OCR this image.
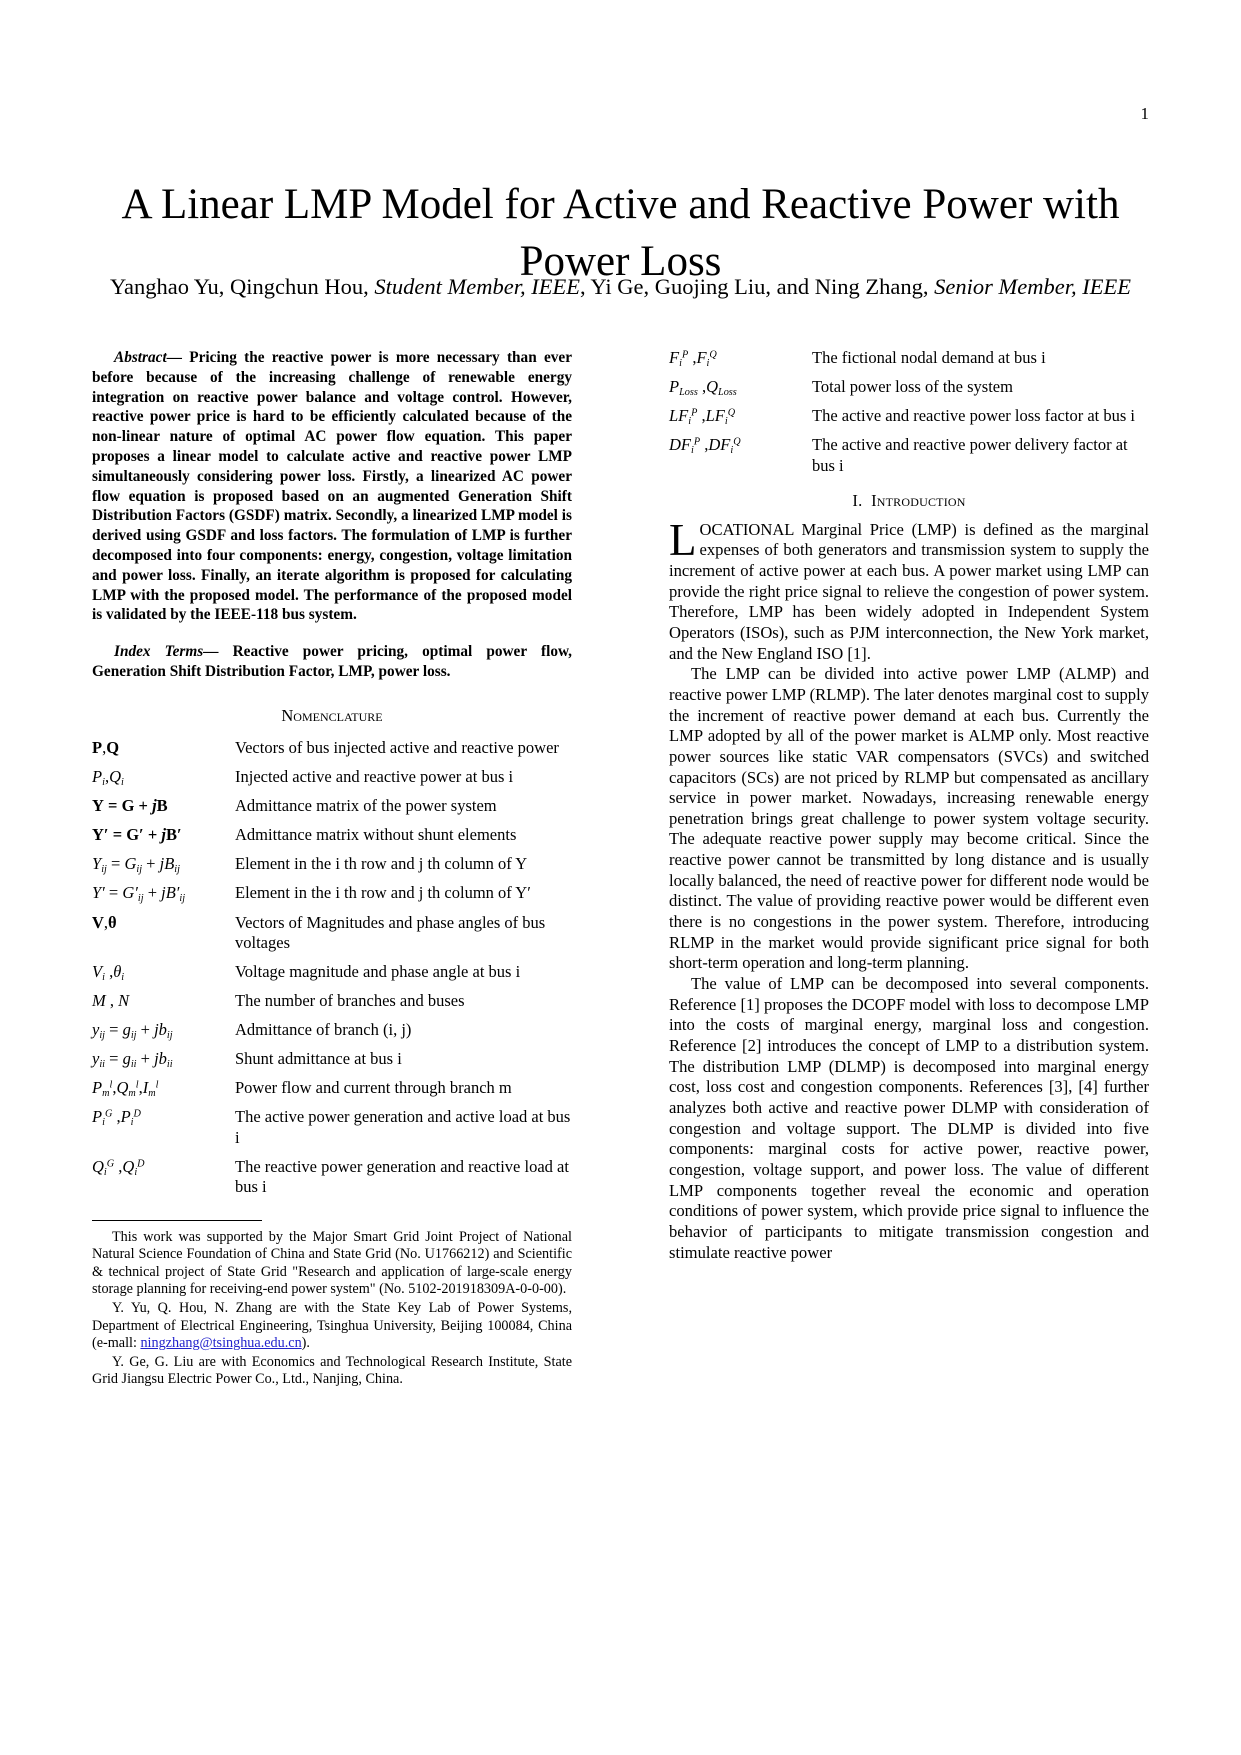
1
A Linear LMP Model for Active and Reactive Power with Power Loss
Yanghao Yu, Qingchun Hou, Student Member, IEEE, Yi Ge, Guojing Liu, and Ning Zhang, Senior Member, IEEE

Abstract— Pricing the reactive power is more necessary than ever before because of the increasing challenge of renewable energy integration on reactive power balance and voltage control. However, reactive power price is hard to be efficiently calculated because of the non-linear nature of optimal AC power flow equation. This paper proposes a linear model to calculate active and reactive power LMP simultaneously considering power loss. Firstly, a linearized AC power flow equation is proposed based on an augmented Generation Shift Distribution Factors (GSDF) matrix. Secondly, a linearized LMP model is derived using GSDF and loss factors. The formulation of LMP is further decomposed into four components: energy, congestion, voltage limitation and power loss. Finally, an iterate algorithm is proposed for calculating LMP with the proposed model. The performance of the proposed model is validated by the IEEE-118 bus system.

Index Terms— Reactive power pricing, optimal power flow, Generation Shift Distribution Factor, LMP, power loss.

Nomenclature
P,Q	Vectors of bus injected active and reactive power
$P_i,Q_i$	Injected active and reactive power at bus i
Y = G + jB	Admittance matrix of the power system
Y′ = G′ + jB′	Admittance matrix without shunt elements
$Y_{ij} = G_{ij} + jB_{ij}$	Element in the i th row and j th column of Y
$Y' = G'_{ij} + jB'_{ij}$	Element in the i th row and j th column of Y′
V,θ	Vectors of Magnitudes and phase angles of bus voltages
$V_i$ $,\theta_i$	Voltage magnitude and phase angle at bus i
M , N	The number of branches and buses
$y_{ij} = g_{ij} + jb_{ij}$	Admittance of branch (i, j)
$y_{ii} = g_{ii} + jb_{ii}$	Shunt admittance at bus i
$P_m^l,Q_m^l,I_m^l$	Power flow and current through branch m
$P_i^G$ $,P_i^D$	The active power generation and active load at bus i
$Q_i^G$ $,Q_i^D$	The reactive power generation and reactive load at bus i

This work was supported by the Major Smart Grid Joint Project of National Natural Science Foundation of China and State Grid (No. U1766212) and Scientific & technical project of State Grid "Research and application of large-scale energy storage planning for receiving-end power system" (No. 5102-201918309A-0-0-00).

Y. Yu, Q. Hou, N. Zhang are with the State Key Lab of Power Systems, Department of Electrical Engineering, Tsinghua University, Beijing 100084, China (e-mall: ningzhang@tsinghua.edu.cn).

Y. Ge, G. Liu are with Economics and Technological Research Institute, State Grid Jiangsu Electric Power Co., Ltd., Nanjing, China.

$F_i^P$ $,F_i^Q$	The fictional nodal demand at bus i
$P_{Loss}$ $,Q_{Loss}$	Total power loss of the system
$LF_i^P$ $,LF_i^Q$	The active and reactive power loss factor at bus i
$DF_i^P$ $,DF_i^Q$	The active and reactive power delivery factor at bus i
I. Introduction

LOCATIONAL Marginal Price (LMP) is defined as the marginal expenses of both generators and transmission system to supply the increment of active power at each bus. A power market using LMP can provide the right price signal to relieve the congestion of power system. Therefore, LMP has been widely adopted in Independent System Operators (ISOs), such as PJM interconnection, the New York market, and the New England ISO [1].

The LMP can be divided into active power LMP (ALMP) and reactive power LMP (RLMP). The later denotes marginal cost to supply the increment of reactive power demand at each bus. Currently the LMP adopted by all of the power market is ALMP only. Most reactive power sources like static VAR compensators (SVCs) and switched capacitors (SCs) are not priced by RLMP but compensated as ancillary service in power market. Nowadays, increasing renewable energy penetration brings great challenge to power system voltage security. The adequate reactive power supply may become critical. Since the reactive power cannot be transmitted by long distance and is usually locally balanced, the need of reactive power for different node would be distinct. The value of providing reactive power would be different even there is no congestions in the power system. Therefore, introducing RLMP in the market would provide significant price signal for both short-term operation and long-term planning.

The value of LMP can be decomposed into several components. Reference [1] proposes the DCOPF model with loss to decompose LMP into the costs of marginal energy, marginal loss and congestion. Reference [2] introduces the concept of LMP to a distribution system. The distribution LMP (DLMP) is decomposed into marginal energy cost, loss cost and congestion components. References [3], [4] further analyzes both active and reactive power DLMP with consideration of congestion and voltage support. The DLMP is divided into five components: marginal costs for active power, reactive power, congestion, voltage support, and power loss. The value of different LMP components together reveal the economic and operation conditions of power system, which provide price signal to influence the behavior of participants to mitigate transmission congestion and stimulate reactive power
